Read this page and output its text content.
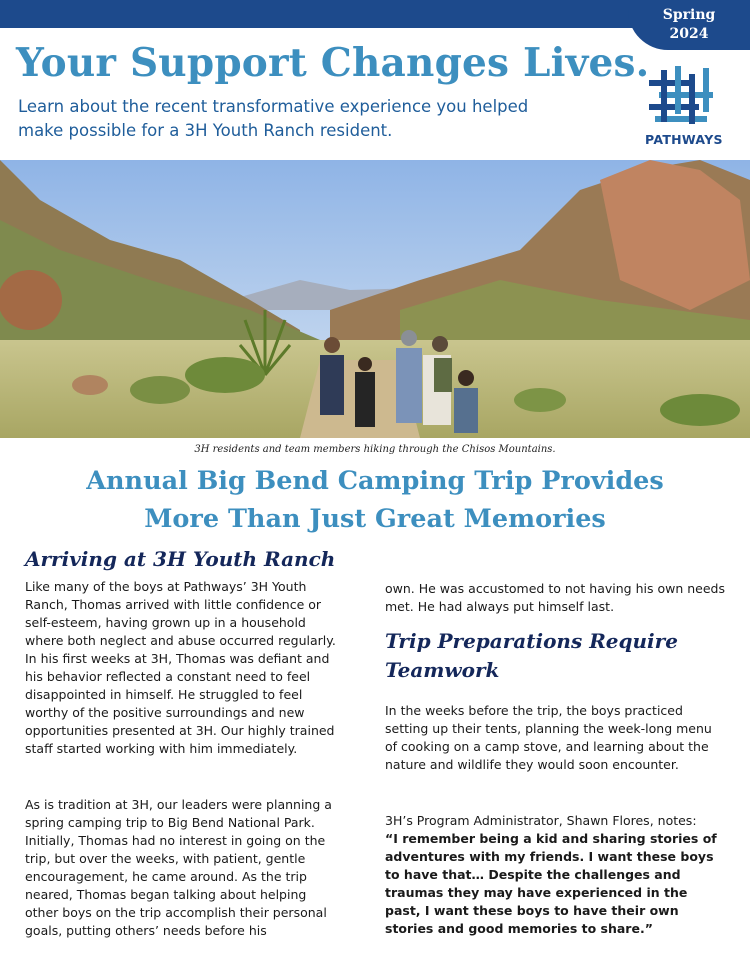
Spring
2024
Your Support Changes Lives.

Learn about the recent transformative experience you helped make possible for a 3H Youth Ranch resident.	PATHWAYS

3H residents and team members hiking through the Chisos Mountains.

Annual Big Bend Camping Trip Provides
More Than Just Great Memories
Arriving at 3H Youth Ranch

Like many of the boys at Pathways’ 3H Youth Ranch, Thomas arrived with little confidence or self-esteem, having grown up in a household where both neglect and abuse occurred regularly. In his first weeks at 3H, Thomas was defiant and his behavior reflected a constant need to feel disappointed in himself. He struggled to feel worthy of the positive surroundings and new opportunities presented at 3H. Our highly trained staff started working with him immediately.

As is tradition at 3H, our leaders were planning a spring camping trip to Big Bend National Park. Initially, Thomas had no interest in going on the trip, but over the weeks, with patient, gentle encouragement, he came around. As the trip neared, Thomas began talking about helping other boys on the trip accomplish their personal goals, putting others’ needs before his

own. He was accustomed to not having his own needs met. He had always put himself last.

Trip Preparations Require Teamwork

In the weeks before the trip, the boys practiced setting up their tents, planning the week-long menu of cooking on a camp stove, and learning about the nature and wildlife they would soon encounter.

3H’s Program Administrator, Shawn Flores, notes:

“I remember being a kid and sharing stories of adventures with my friends. I want these boys to have that… Despite the challenges and traumas they may have experienced in the past, I want these boys to have their own stories and good memories to share.”
